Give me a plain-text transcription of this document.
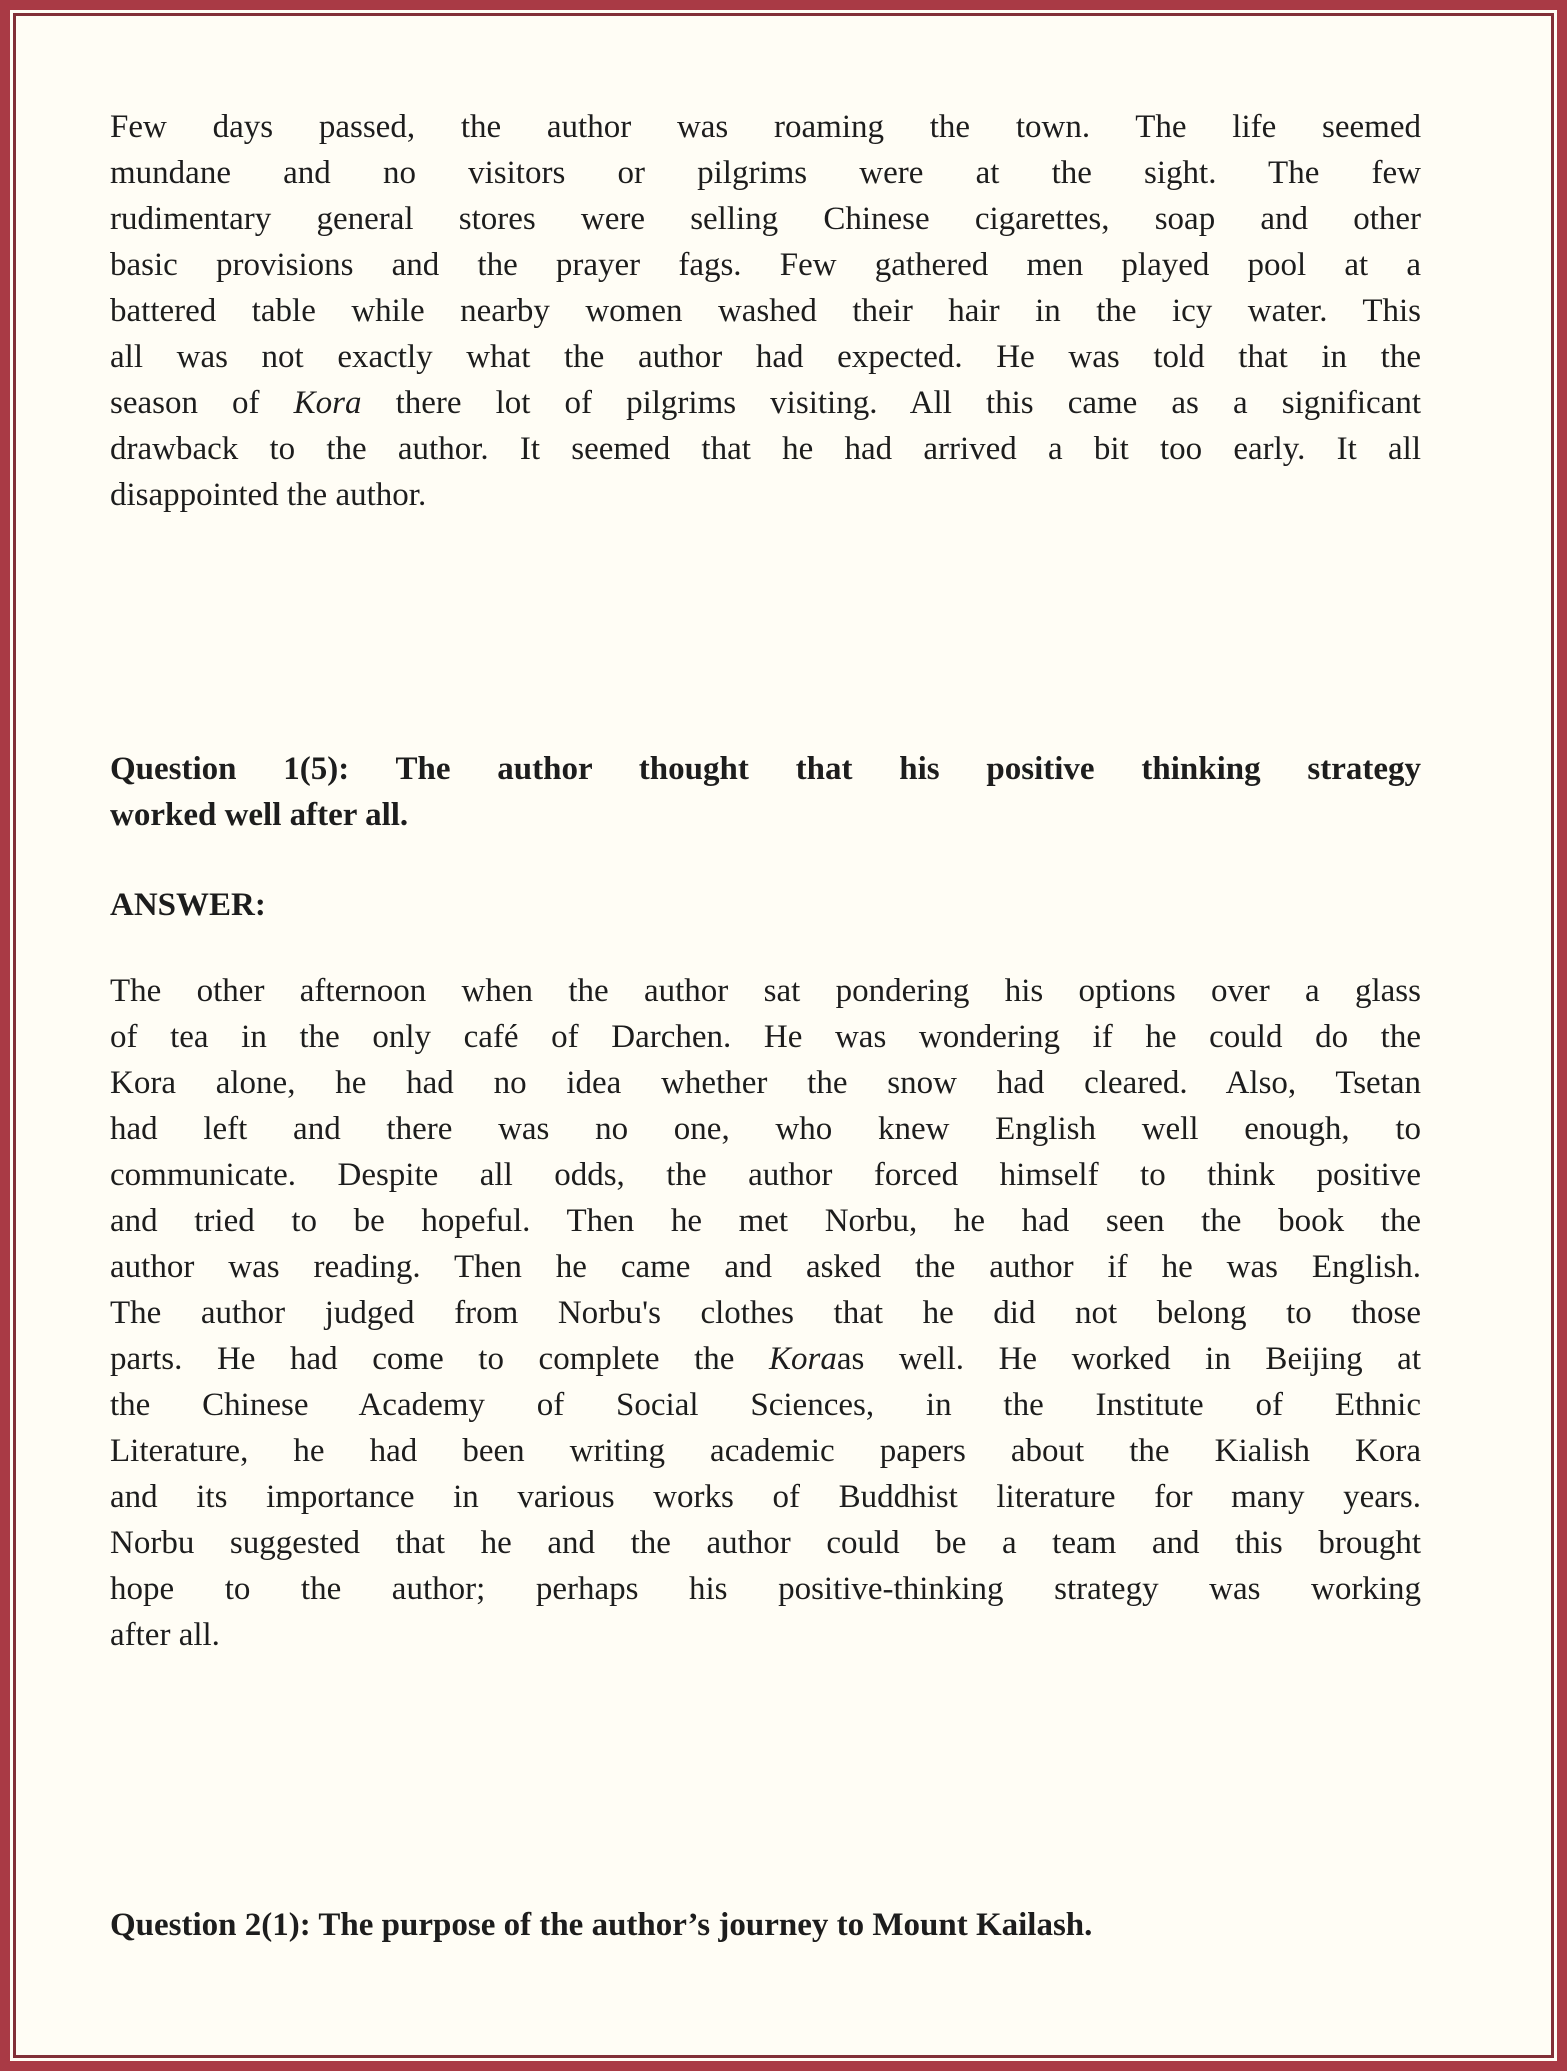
Few days passed, the author was roaming the town. The life seemed
mundane and no visitors or pilgrims were at the sight. The few
rudimentary general stores were selling Chinese cigarettes, soap and other
basic provisions and the prayer fags. Few gathered men played pool at a
battered table while nearby women washed their hair in the icy water. This
all was not exactly what the author had expected. He was told that in the
season of Kora there lot of pilgrims visiting. All this came as a significant
drawback to the author. It seemed that he had arrived a bit too early. It all
disappointed the author.
Question 1(5): The author thought that his positive thinking strategy
worked well after all.
ANSWER:
The other afternoon when the author sat pondering his options over a glass
of tea in the only café of Darchen. He was wondering if he could do the
Kora alone, he had no idea whether the snow had cleared. Also, Tsetan
had left and there was no one, who knew English well enough, to
communicate. Despite all odds, the author forced himself to think positive
and tried to be hopeful. Then he met Norbu, he had seen the book the
author was reading. Then he came and asked the author if he was English.
The author judged from Norbu's clothes that he did not belong to those
parts. He had come to complete the Koraas well. He worked in Beijing at
the Chinese Academy of Social Sciences, in the Institute of Ethnic
Literature, he had been writing academic papers about the Kialish Kora
and its importance in various works of Buddhist literature for many years.
Norbu suggested that he and the author could be a team and this brought
hope to the author; perhaps his positive-thinking strategy was working
after all.
Question 2(1): The purpose of the author’s journey to Mount Kailash.
